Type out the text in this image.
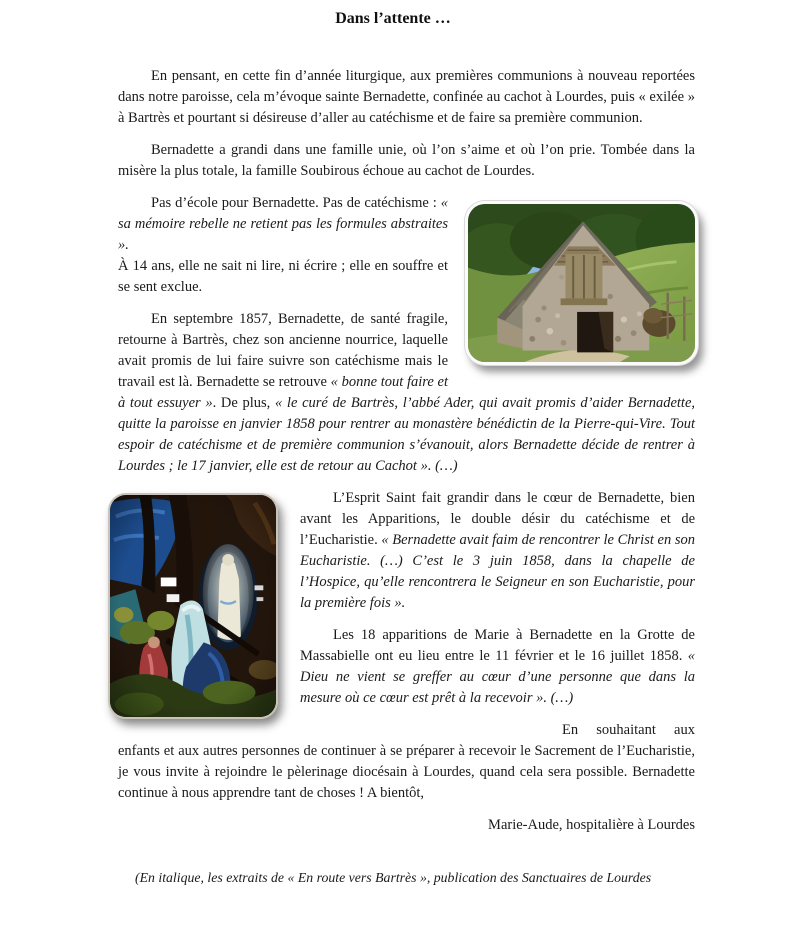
Dans l’attente …

En pensant, en cette fin d’année liturgique, aux premières communions à nouveau reportées dans notre paroisse, cela m’évoque sainte Bernadette, confinée au cachot à Lourdes, puis « exilée » à Bartrès et pourtant si désireuse d’aller au catéchisme et de faire sa première communion.

Bernadette a grandi dans une famille unie, où l’on s’aime et où l’on prie. Tombée dans la misère la plus totale, la famille Soubirous échoue au cachot de Lourdes.

Pas d’école pour Bernadette. Pas de catéchisme : « sa mémoire rebelle ne retient pas les formules abstraites ».
À 14 ans, elle ne sait ni lire, ni écrire ; elle en souffre et se sent exclue.

En septembre 1857, Bernadette, de santé fragile, retourne à Bartrès, chez son ancienne nourrice, laquelle avait promis de lui faire suivre son catéchisme mais le travail est là. Bernadette se retrouve « bonne tout faire et à tout essuyer ». De plus, « le curé de Bartrès, l’abbé Ader, qui avait promis d’aider Bernadette, quitte la paroisse en janvier 1858 pour rentrer au monastère bénédictin de la Pierre-qui-Vire. Tout espoir de catéchisme et de première communion s’évanouit, alors Bernadette décide de rentrer à Lourdes ; le 17 janvier, elle est de retour au Cachot ». (…)

L’Esprit Saint fait grandir dans le cœur de Bernadette, bien avant les Apparitions, le double désir du catéchisme et de l’Eucharistie. « Bernadette avait faim de rencontrer le Christ en son Eucharistie. (…) C’est le 3 juin 1858, dans la chapelle de l’Hospice, qu’elle rencontrera le Seigneur en son Eucharistie, pour la première fois ».

Les 18 apparitions de Marie à Bernadette en la Grotte de Massabielle ont eu lieu entre le 11 février et le 16 juillet 1858. « Dieu ne vient se greffer au cœur d’une personne que dans la mesure où ce cœur est prêt à la recevoir ». (…)

En souhaitant aux enfants et aux autres personnes de continuer à se préparer à recevoir le Sacrement de l’Eucharistie, je vous invite à rejoindre le pèlerinage diocésain à Lourdes, quand cela sera possible. Bernadette continue à nous apprendre tant de choses ! A bientôt,

Marie-Aude, hospitalière à Lourdes

(En italique, les extraits de « En route vers Bartrès », publication des Sanctuaires de Lourdes
